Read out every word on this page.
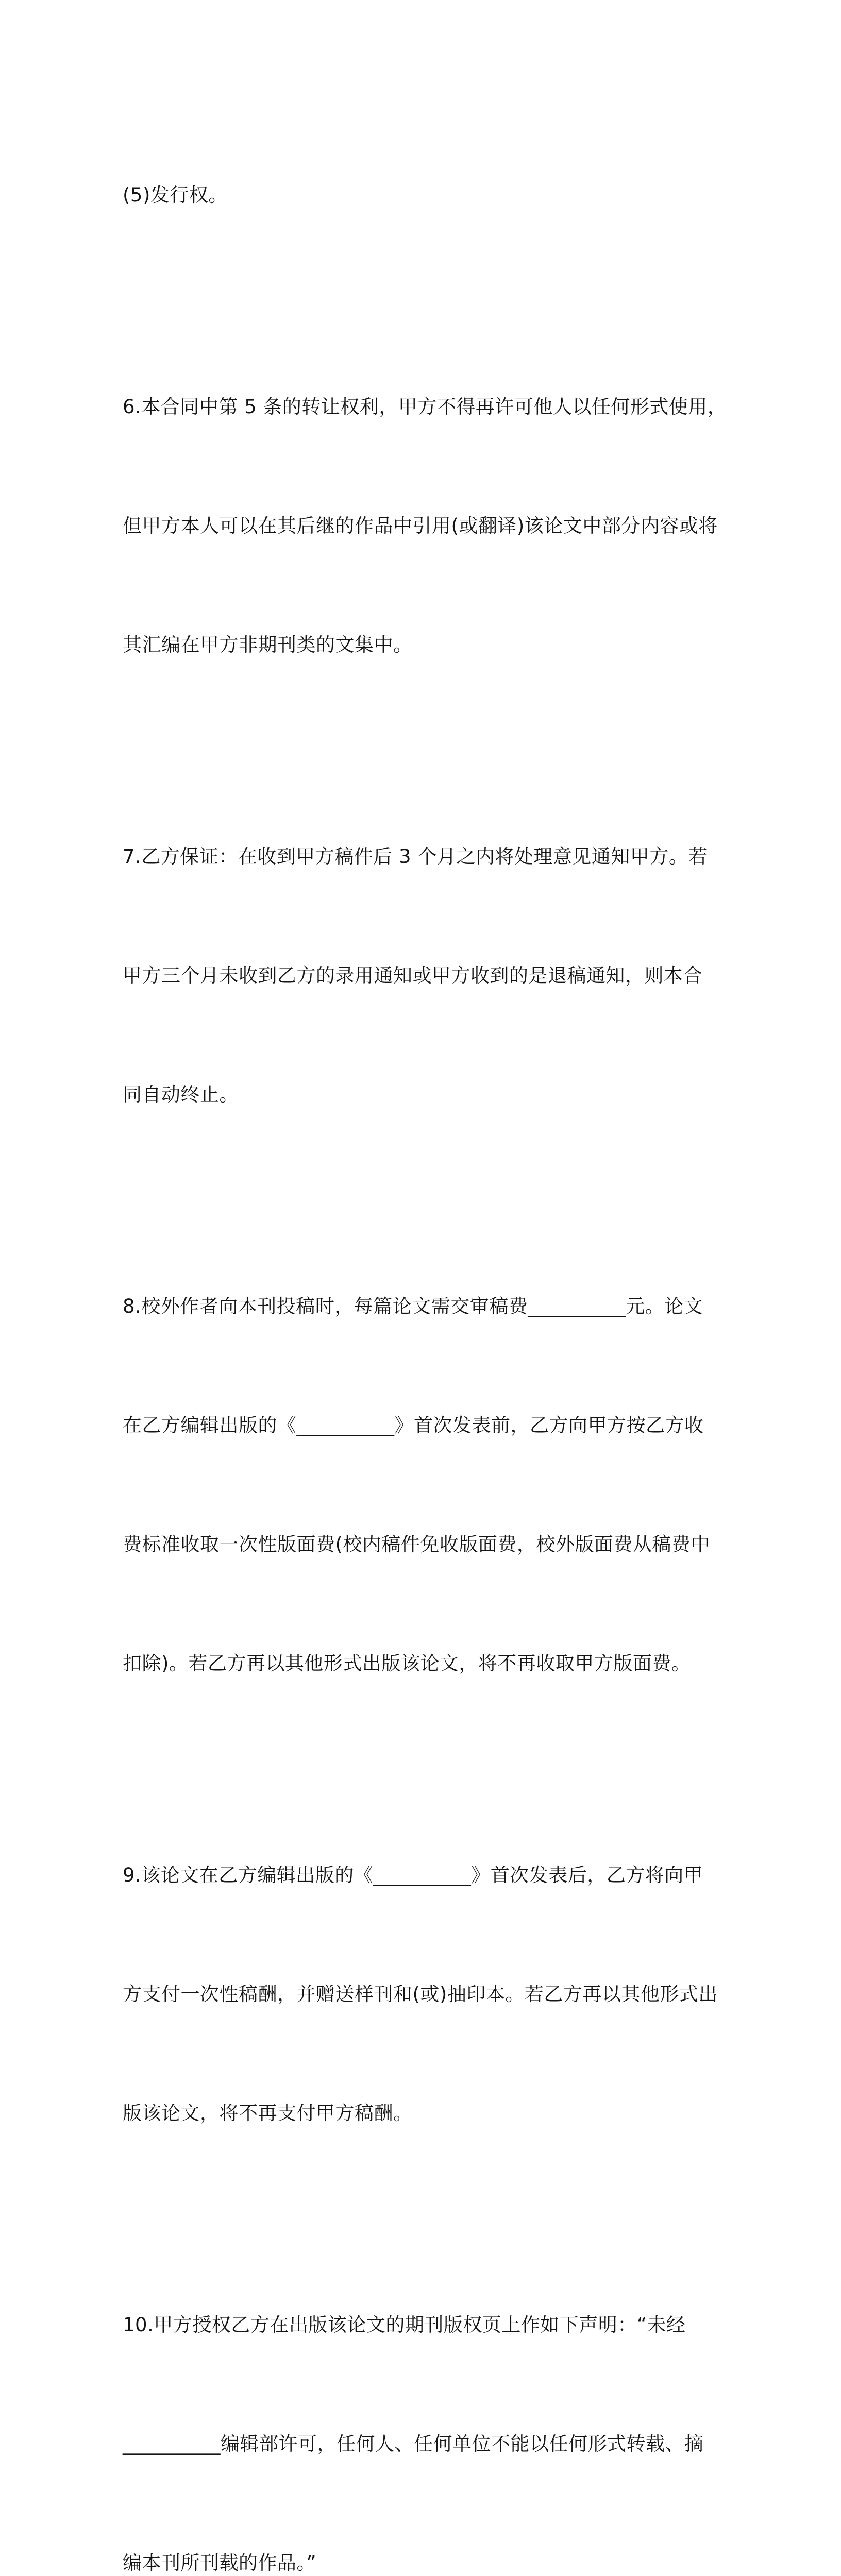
(5)发行权。

6.本合同中第 5 条的转让权利，甲方不得再许可他人以任何形式使用，

但甲方本人可以在其后继的作品中引用(或翻译)该论文中部分内容或将

其汇编在甲方非期刊类的文集中。

7.乙方保证：在收到甲方稿件后 3 个月之内将处理意见通知甲方。若

甲方三个月未收到乙方的录用通知或甲方收到的是退稿通知，则本合

同自动终止。

8.校外作者向本刊投稿时，每篇论文需交审稿费__________元。论文

在乙方编辑出版的《__________》首次发表前，乙方向甲方按乙方收

费标准收取一次性版面费(校内稿件免收版面费，校外版面费从稿费中

扣除)。若乙方再以其他形式出版该论文，将不再收取甲方版面费。

9.该论文在乙方编辑出版的《__________》首次发表后，乙方将向甲

方支付一次性稿酬，并赠送样刊和(或)抽印本。若乙方再以其他形式出

版该论文，将不再支付甲方稿酬。

10.甲方授权乙方在出版该论文的期刊版权页上作如下声明：“未经

__________编辑部许可，任何人、任何单位不能以任何形式转载、摘

编本刊所刊载的作品。”
